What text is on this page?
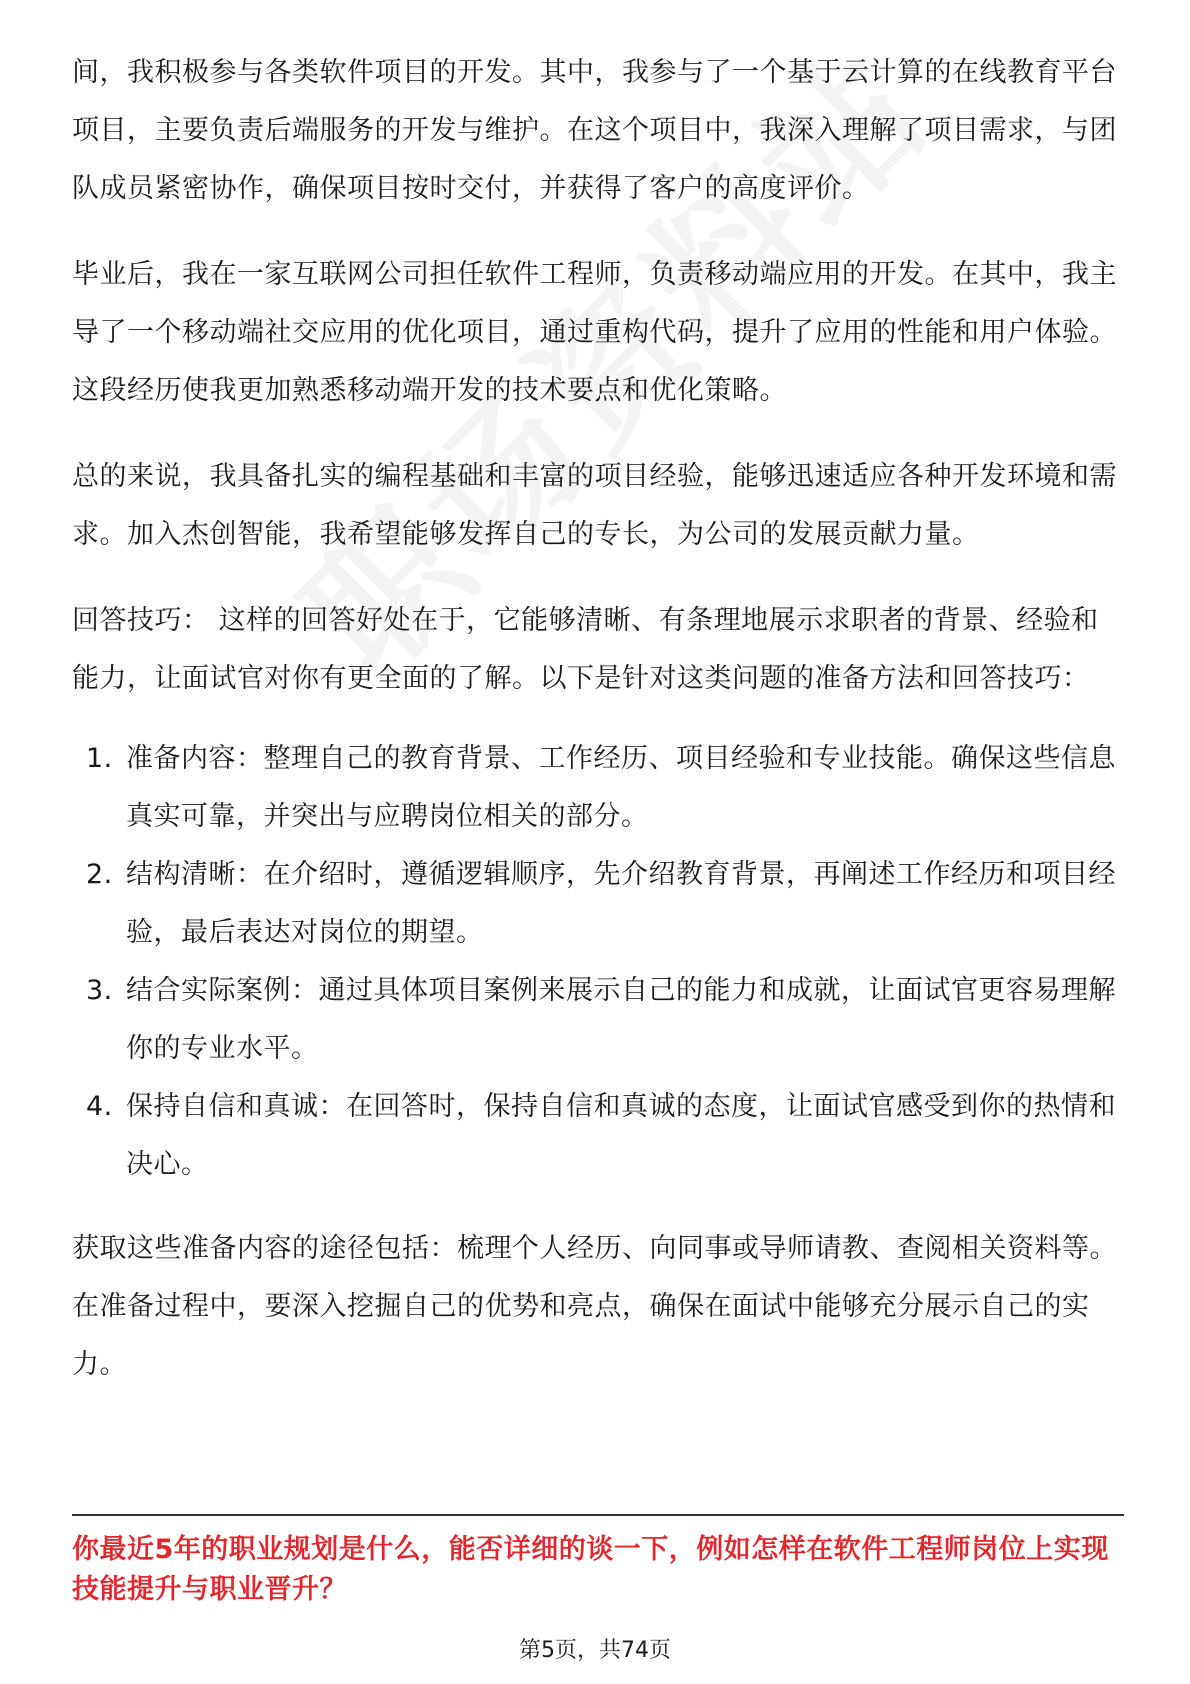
间，我积极参与各类软件项目的开发。其中，我参与了一个基于云计算的在线教育平台项目，主要负责后端服务的开发与维护。在这个项目中，我深入理解了项目需求，与团队成员紧密协作，确保项目按时交付，并获得了客户的高度评价。

毕业后，我在一家互联网公司担任软件工程师，负责移动端应用的开发。在其中，我主导了一个移动端社交应用的优化项目，通过重构代码，提升了应用的性能和用户体验。这段经历使我更加熟悉移动端开发的技术要点和优化策略。

总的来说，我具备扎实的编程基础和丰富的项目经验，能够迅速适应各种开发环境和需求。加入杰创智能，我希望能够发挥自己的专长，为公司的发展贡献力量。

回答技巧： 这样的回答好处在于，它能够清晰、有条理地展示求职者的背景、经验和能力，让面试官对你有更全面的了解。以下是针对这类问题的准备方法和回答技巧：

1. 准备内容：整理自己的教育背景、工作经历、项目经验和专业技能。确保这些信息真实可靠，并突出与应聘岗位相关的部分。
2. 结构清晰：在介绍时，遵循逻辑顺序，先介绍教育背景，再阐述工作经历和项目经验，最后表达对岗位的期望。
3. 结合实际案例：通过具体项目案例来展示自己的能力和成就，让面试官更容易理解你的专业水平。
4. 保持自信和真诚：在回答时，保持自信和真诚的态度，让面试官感受到你的热情和决心。

获取这些准备内容的途径包括：梳理个人经历、向同事或导师请教、查阅相关资料等。在准备过程中，要深入挖掘自己的优势和亮点，确保在面试中能够充分展示自己的实力。

你最近5年的职业规划是什么，能否详细的谈一下，例如怎样在软件工程师岗位上实现技能提升与职业晋升？
第5页，共74页
